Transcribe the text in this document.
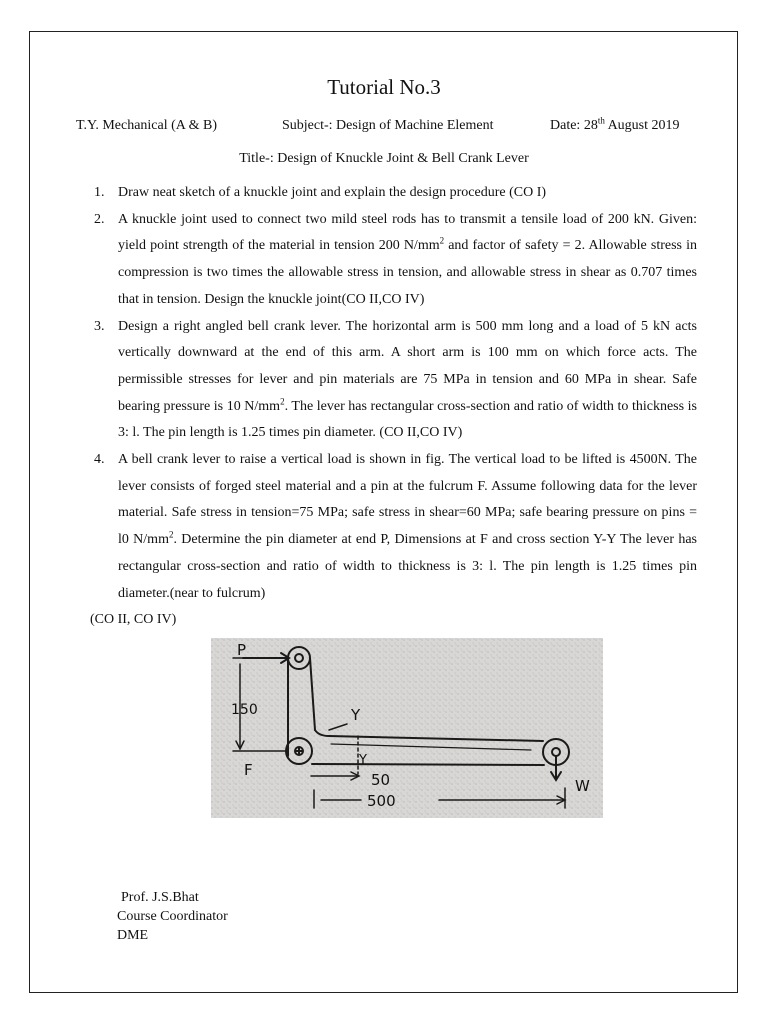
Tutorial No.3
T.Y. Mechanical (A & B)	Subject-: Design of Machine Element	Date: 28th August 2019
Title-: Design of Knuckle Joint & Bell Crank Lever
1. Draw neat sketch of a knuckle joint and explain the design procedure (CO I)
2. A knuckle joint used to connect two mild steel rods has to transmit a tensile load of 200 kN. Given: yield point strength of the material in tension 200 $N/mm^2$ and factor of safety = 2. Allowable stress in compression is two times the allowable stress in tension, and allowable stress in shear as 0.707 times that in tension. Design the knuckle joint(CO II,CO IV)
3. Design a right angled bell crank lever. The horizontal arm is 500 mm long and a load of 5 kN acts vertically downward at the end of this arm. A short arm is 100 mm on which force acts. The permissible stresses for lever and pin materials are 75 MPa in tension and 60 MPa in shear. Safe bearing pressure is 10 $N/mm^2$. The lever has rectangular cross-section and ratio of width to thickness is 3: l. The pin length is 1.25 times pin diameter. (CO II,CO IV)
4. A bell crank lever to raise a vertical load is shown in fig. The vertical load to be lifted is 4500N. The lever consists of forged steel material and a pin at the fulcrum F. Assume following data for the lever material. Safe stress in tension=75 MPa; safe stress in shear=60 MPa; safe bearing pressure on pins = l0 $N/mm^2$. Determine the pin diameter at end P, Dimensions at F and cross section Y-Y The lever has rectangular cross-section and ratio of width to thickness is 3: l. The pin length is 1.25 times pin diameter.(near to fulcrum)
(CO II, CO IV)
P
150
F
Y
Y
50
500
W
Prof. J.S.Bhat
Course Coordinator
DME
